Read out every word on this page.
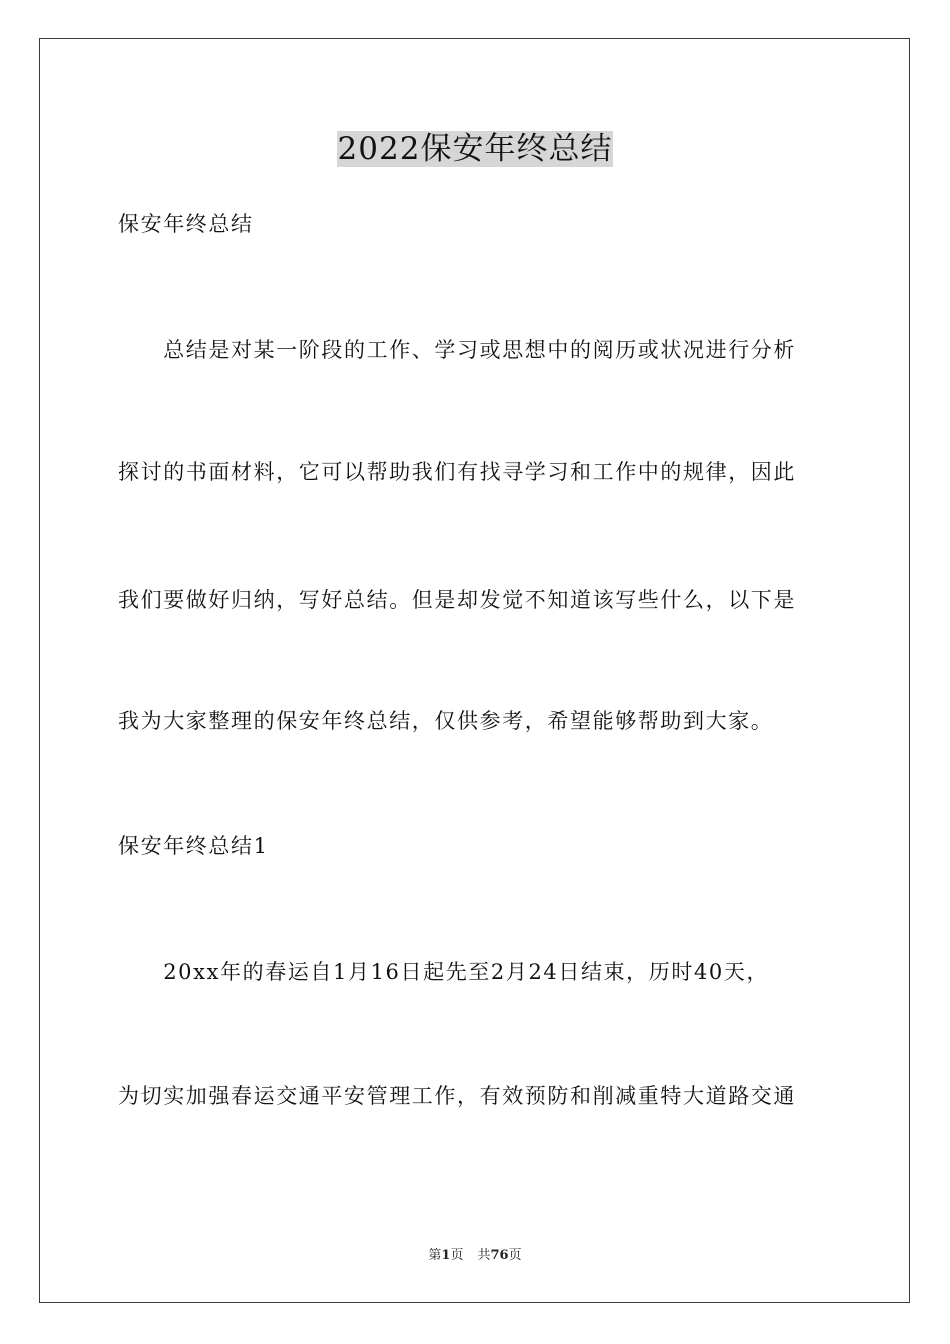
2022保安年终总结
保安年终总结
　　总结是对某一阶段的工作、学习或思想中的阅历或状况进行分析
探讨的书面材料，它可以帮助我们有找寻学习和工作中的规律，因此
我们要做好归纳，写好总结。但是却发觉不知道该写些什么，以下是
我为大家整理的保安年终总结，仅供参考，希望能够帮助到大家。
保安年终总结1
　　20xx年的春运自1月16日起先至2月24日结束，历时40天，
为切实加强春运交通平安管理工作，有效预防和削减重特大道路交通
第1页 共76页
